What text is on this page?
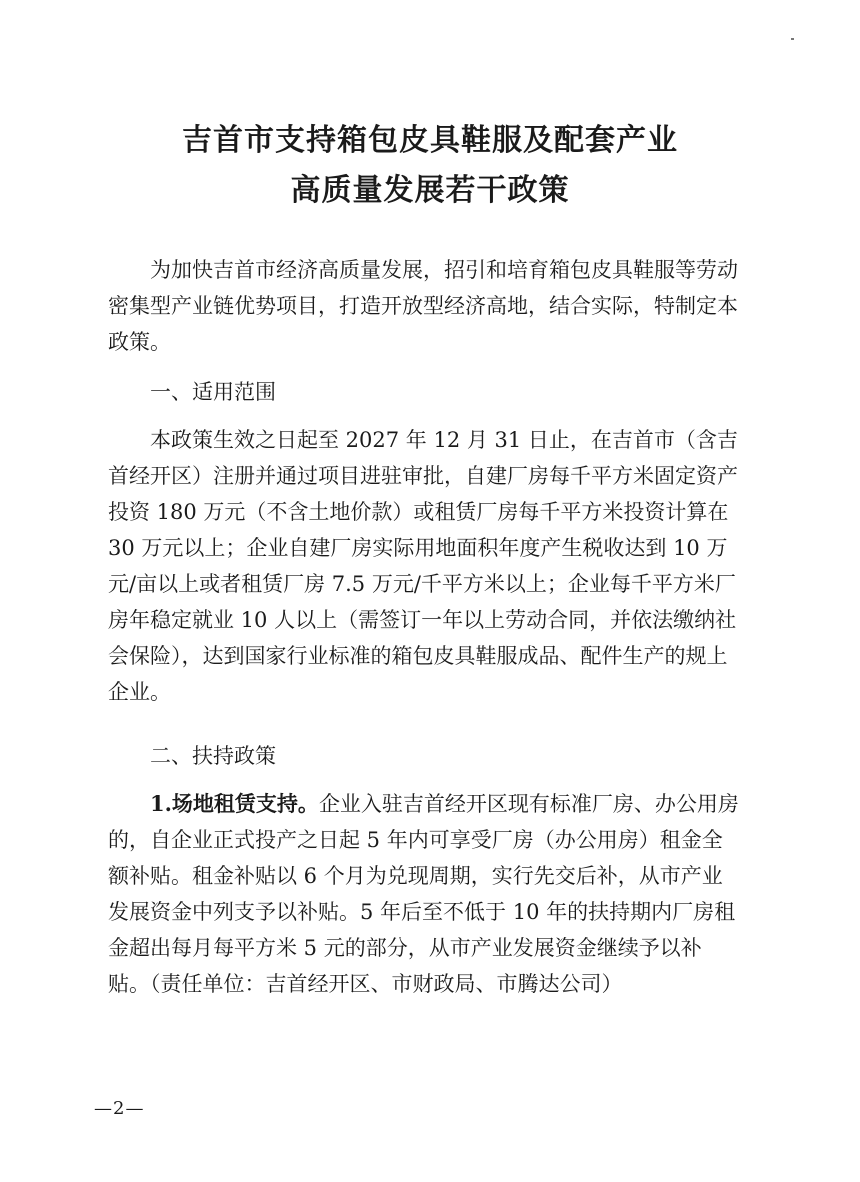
吉首市支持箱包皮具鞋服及配套产业
高质量发展若干政策

为加快吉首市经济高质量发展，招引和培育箱包皮具鞋服等劳动密集型产业链优势项目，打造开放型经济高地，结合实际，特制定本政策。

一、适用范围

本政策生效之日起至 2027 年 12 月 31 日止，在吉首市（含吉首经开区）注册并通过项目进驻审批，自建厂房每千平方米固定资产投资 180 万元（不含土地价款）或租赁厂房每千平方米投资计算在 30 万元以上；企业自建厂房实际用地面积年度产生税收达到 10 万元/亩以上或者租赁厂房 7.5 万元/千平方米以上；企业每千平方米厂房年稳定就业 10 人以上（需签订一年以上劳动合同，并依法缴纳社会保险），达到国家行业标准的箱包皮具鞋服成品、配件生产的规上企业。

二、扶持政策

1.场地租赁支持。企业入驻吉首经开区现有标准厂房、办公用房的，自企业正式投产之日起 5 年内可享受厂房（办公用房）租金全额补贴。租金补贴以 6 个月为兑现周期，实行先交后补，从市产业发展资金中列支予以补贴。5 年后至不低于 10 年的扶持期内厂房租金超出每月每平方米 5 元的部分，从市产业发展资金继续予以补贴。（责任单位：吉首经开区、市财政局、市腾达公司）

—2—
